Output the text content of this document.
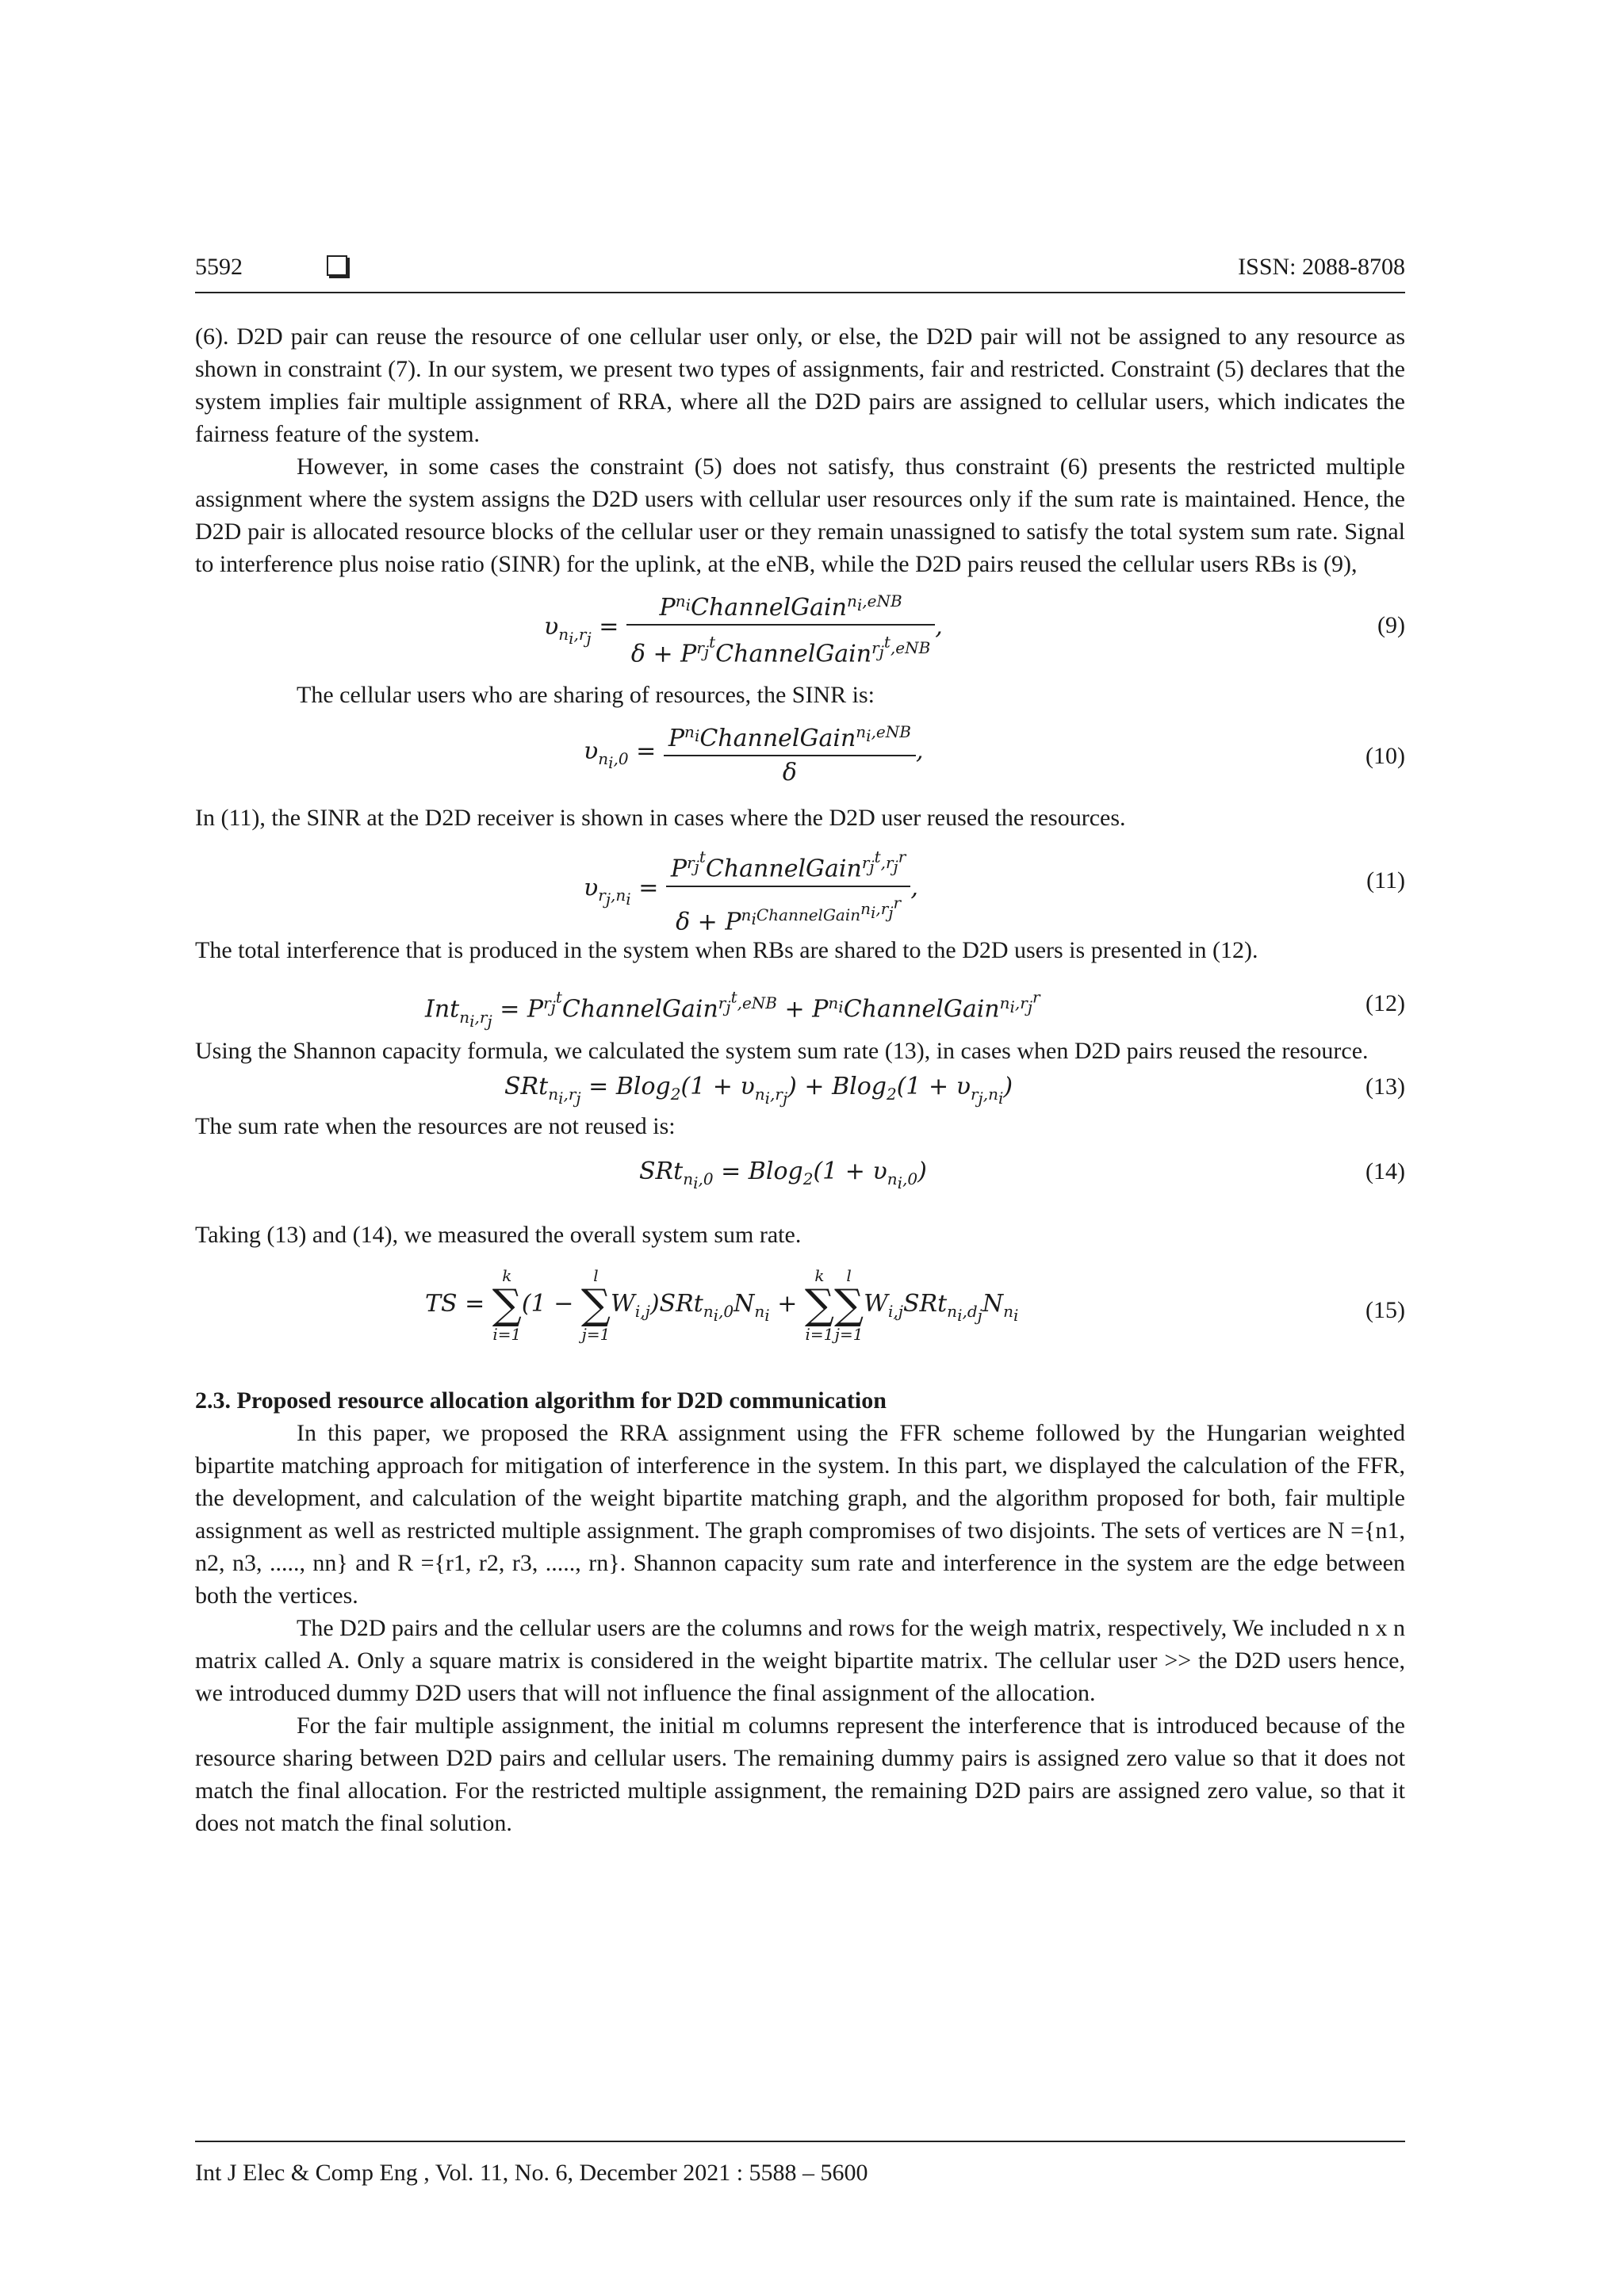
5592	ISSN: 2088-8708

(6). D2D pair can reuse the resource of one cellular user only, or else, the D2D pair will not be assigned to any resource as shown in constraint (7). In our system, we present two types of assignments, fair and restricted. Constraint (5) declares that the system implies fair multiple assignment of RRA, where all the D2D pairs are assigned to cellular users, which indicates the fairness feature of the system.

However, in some cases the constraint (5) does not satisfy, thus constraint (6) presents the restricted multiple assignment where the system assigns the D2D users with cellular user resources only if the sum rate is maintained. Hence, the D2D pair is allocated resource blocks of the cellular user or they remain unassigned to satisfy the total system sum rate. Signal to interference plus noise ratio (SINR) for the uplink, at the eNB, while the D2D pairs reused the cellular users RBs is (9),

$\upsilon_{n_i,r_j} = \frac{P^{n_i}ChannelGain^{n_i,eNB}}{\delta + P^{r_j^t}ChannelGain^{r_j^t,eNB}}$ ,	(9)

The cellular users who are sharing of resources, the SINR is:

$\upsilon_{n_i,0} = \frac{P^{n_i}ChannelGain^{n_i,eNB}}{\delta}$ ,	(10)

In (11), the SINR at the D2D receiver is shown in cases where the D2D user reused the resources.

$\upsilon_{r_j,n_i} = \frac{P^{r_j^t}ChannelGain^{r_j^t,r_j^r}}{\delta + P^{n_iChannelGain^{n_i,r_j^r}}}$ ,	(11)

The total interference that is produced in the system when RBs are shared to the D2D users is presented in (12).

$Int_{n_i,r_j} = P^{r_j^t}ChannelGain^{r_j^t,eNB}$ + $P^{n_i}ChannelGain^{n_i,r_j^r}$	(12)

Using the Shannon capacity formula, we calculated the system sum rate (13), in cases when D2D pairs reused the resource.

$SRt_{n_i,r_j} = Blog_2(1 + \upsilon_{n_i,r_j}) + Blog_2(1 + \upsilon_{r_j,n_i})$	(13)

The sum rate when the resources are not reused is:

$SRt_{n_i,0} = Blog_2(1 + \upsilon_{n_i,0})$	(14)

Taking (13) and (14), we measured the overall system sum rate.

TS =
k
∑
i=1
(1 −
l
∑
j=1
$W_{i,j})SRt_{n_i,0}N_{n_i}$ +
k
∑
i=1
l
∑
j=1
$W_{i,j}SRt_{n_i,d_j}N_{n_i}$	(15)

2.3. Proposed resource allocation algorithm for D2D communication

In this paper, we proposed the RRA assignment using the FFR scheme followed by the Hungarian weighted bipartite matching approach for mitigation of interference in the system. In this part, we displayed the calculation of the FFR, the development, and calculation of the weight bipartite matching graph, and the algorithm proposed for both, fair multiple assignment as well as restricted multiple assignment. The graph compromises of two disjoints. The sets of vertices are N ={n1, n2, n3, ....., nn} and R ={r1, r2, r3, ....., rn}. Shannon capacity sum rate and interference in the system are the edge between both the vertices.

The D2D pairs and the cellular users are the columns and rows for the weigh matrix, respectively, We included n x n matrix called A. Only a square matrix is considered in the weight bipartite matrix. The cellular user >> the D2D users hence, we introduced dummy D2D users that will not influence the final assignment of the allocation.

For the fair multiple assignment, the initial m columns represent the interference that is introduced because of the resource sharing between D2D pairs and cellular users. The remaining dummy pairs is assigned zero value so that it does not match the final allocation. For the restricted multiple assignment, the remaining D2D pairs are assigned zero value, so that it does not match the final solution.

Int J Elec & Comp Eng , Vol. 11, No. 6, December 2021 : 5588 – 5600
